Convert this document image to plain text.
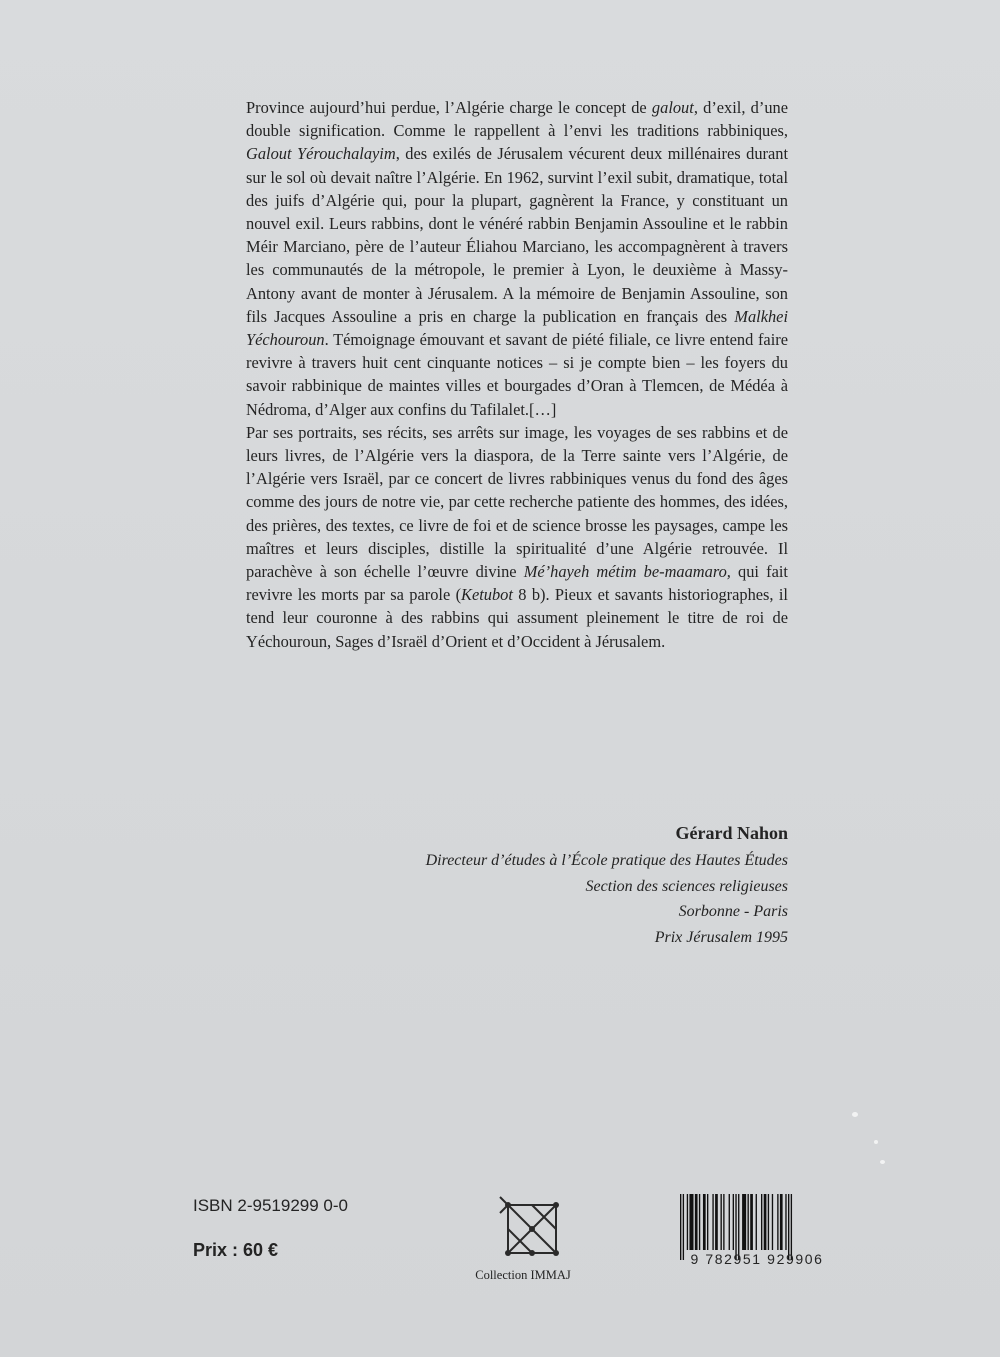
Province aujourd’hui perdue, l’Algérie charge le concept de galout, d’exil, d’une double signification. Comme le rappellent à l’envi les traditions rabbiniques, Galout Yérouchalayim, des exilés de Jérusalem vécurent deux millénaires durant sur le sol où devait naître l’Algérie. En 1962, survint l’exil subit, dramatique, total des juifs d’Algérie qui, pour la plupart, gagnèrent la France, y constituant un nouvel exil. Leurs rabbins, dont le vénéré rabbin Benjamin Assouline et le rabbin Méir Marciano, père de l’auteur Éliahou Marciano, les accompagnèrent à travers les communautés de la métropole, le premier à Lyon, le deuxième à Massy-Antony avant de monter à Jérusalem. A la mémoire de Benjamin Assouline, son fils Jacques Assouline a pris en charge la publication en français des Malkhei Yéchouroun. Témoignage émouvant et savant de piété filiale, ce livre entend faire revivre à travers huit cent cinquante notices – si je compte bien – les foyers du savoir rabbinique de maintes villes et bourgades d’Oran à Tlemcen, de Médéa à Nédroma, d’Alger aux confins du Tafilalet.[…]

Par ses portraits, ses récits, ses arrêts sur image, les voyages de ses rabbins et de leurs livres, de l’Algérie vers la diaspora, de la Terre sainte vers l’Algérie, de l’Algérie vers Israël, par ce concert de livres rabbiniques venus du fond des âges comme des jours de notre vie, par cette recherche patiente des hommes, des idées, des prières, des textes, ce livre de foi et de science brosse les paysages, campe les maîtres et leurs disciples, distille la spiritualité d’une Algérie retrouvée. Il parachève à son échelle l’œuvre divine Mé’hayeh métim be-maamaro, qui fait revivre les morts par sa parole (Ketubot 8 b). Pieux et savants historiographes, il tend leur couronne à des rabbins qui assument pleinement le titre de roi de Yéchouroun, Sages d’Israël d’Orient et d’Occident à Jérusalem.

Gérard Nahon
Directeur d’études à l’École pratique des Hautes Études
Section des sciences religieuses
Sorbonne - Paris
Prix Jérusalem 1995
ISBN 2-9519299 0-0
Prix : 60 €
Collection IMMAJ
9 782951 929906
